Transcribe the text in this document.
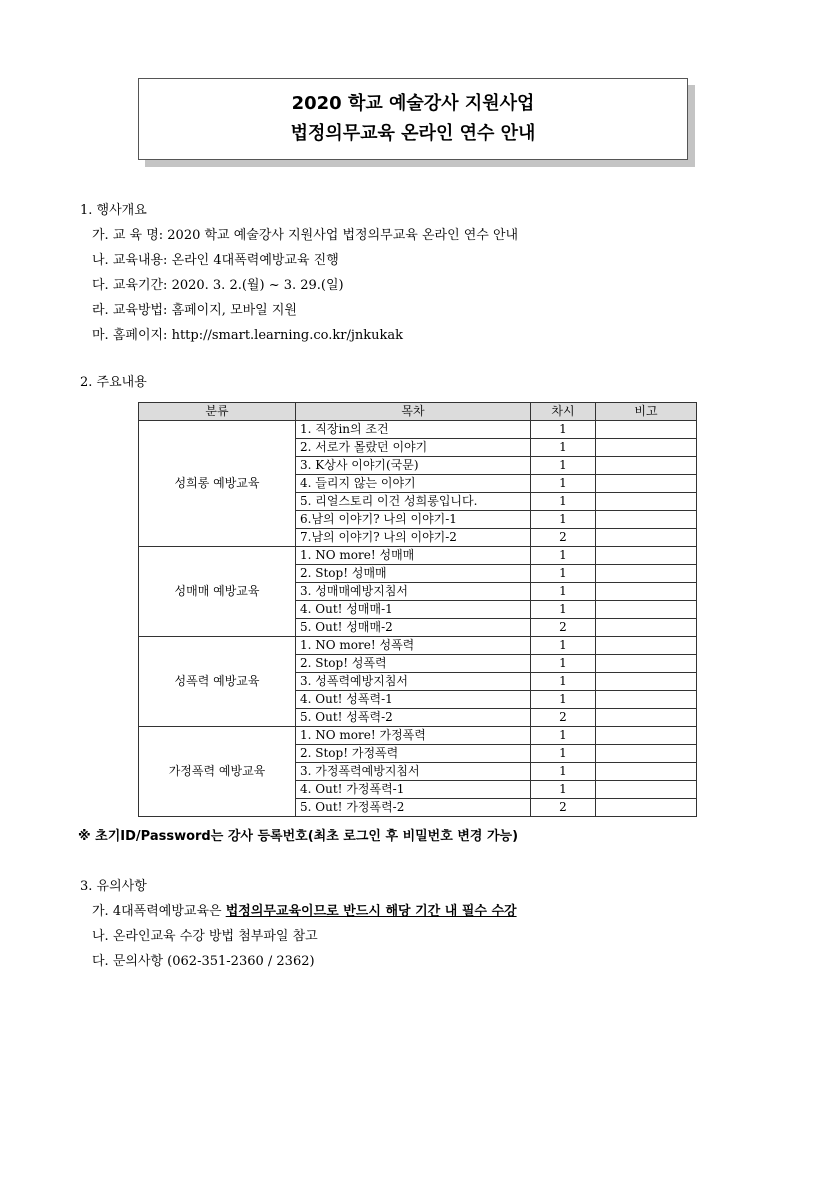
2020 학교 예술강사 지원사업
법정의무교육 온라인 연수 안내
1. 행사개요
가. 교 육 명: 2020 학교 예술강사 지원사업 법정의무교육 온라인 연수 안내
나. 교육내용: 온라인 4대폭력예방교육 진행
다. 교육기간: 2020. 3. 2.(월) ~ 3. 29.(일)
라. 교육방법: 홈페이지, 모바일 지원
마. 홈페이지: http://smart.learning.co.kr/jnkukak
2. 주요내용
분류	목차	차시	비고
성희롱 예방교육	1. 직장in의 조건	1	
	2. 서로가 몰랐던 이야기	1	
	3. K상사 이야기(국문)	1	
	4. 들리지 않는 이야기	1	
	5. 리얼스토리 이건 성희롱입니다.	1	
	6.남의 이야기? 나의 이야기-1	1	
	7.남의 이야기? 나의 이야기-2	2	
성매매 예방교육	1. NO more! 성매매	1	
	2. Stop! 성매매	1	
	3. 성매매예방지침서	1	
	4. Out! 성매매-1	1	
	5. Out! 성매매-2	2	
성폭력 예방교육	1. NO more! 성폭력	1	
	2. Stop! 성폭력	1	
	3. 성폭력예방지침서	1	
	4. Out! 성폭력-1	1	
	5. Out! 성폭력-2	2	
가정폭력 예방교육	1. NO more! 가정폭력	1	
	2. Stop! 가정폭력	1	
	3. 가정폭력예방지침서	1	
	4. Out! 가정폭력-1	1	
	5. Out! 가정폭력-2	2	
※ 초기ID/Password는 강사 등록번호(최초 로그인 후 비밀번호 변경 가능)
3. 유의사항
가. 4대폭력예방교육은 법정의무교육이므로 반드시 해당 기간 내 필수 수강
나. 온라인교육 수강 방법 첨부파일 참고
다. 문의사항 (062-351-2360 / 2362)
